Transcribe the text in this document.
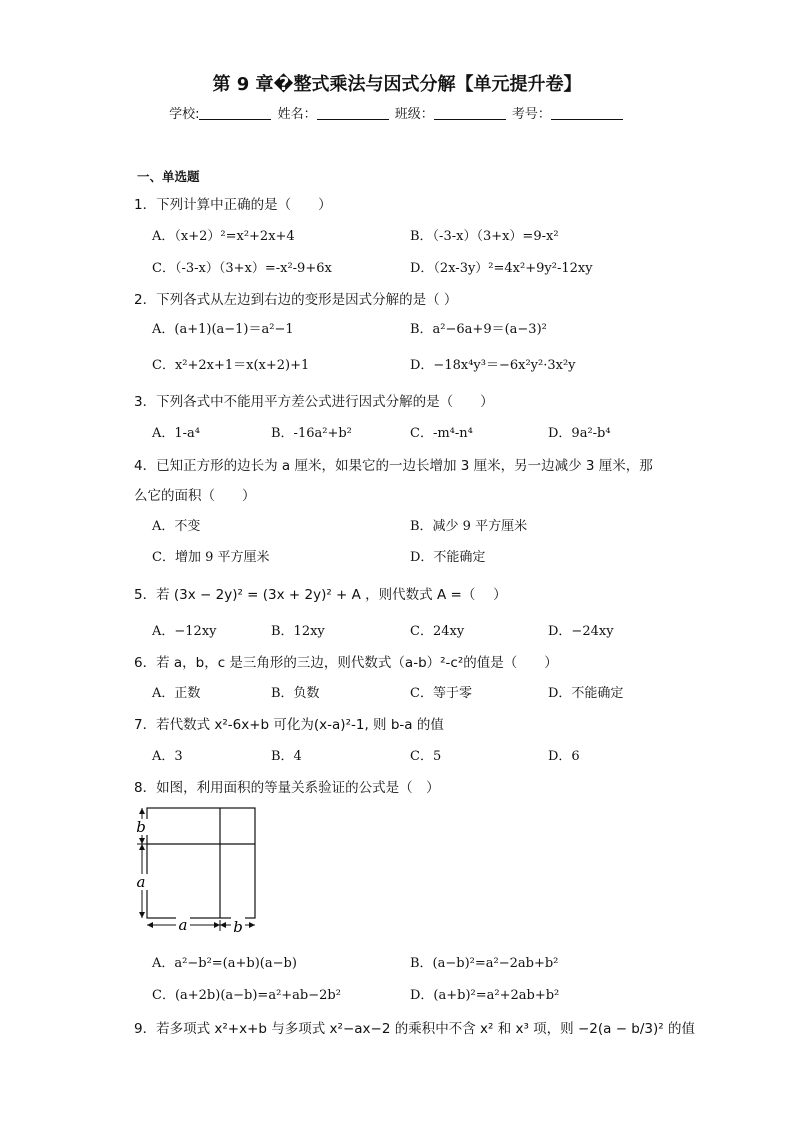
第 9 章�整式乘法与因式分解【单元提升卷】
学校:	姓名：	班级：	考号：
一、单选题
1．下列计算中正确的是（　　）
A．（x+2）²=x²+2x+4	B．（-3-x）（3+x）=9-x²
C．（-3-x）（3+x）=-x²-9+6x	D．（2x-3y）²=4x²+9y²-12xy
2．下列各式从左边到右边的变形是因式分解的是（ ）
A．(a+1)(a−1)＝a²−1	B．a²−6a+9＝(a−3)²
C．x²+2x+1＝x(x+2)+1	D．−18x⁴y³＝−6x²y²·3x²y
3．下列各式中不能用平方差公式进行因式分解的是（　　）
A．1-a⁴	B．-16a²+b²	C．-m⁴-n⁴	D．9a²-b⁴
4．已知正方形的边长为 a 厘米，如果它的一边长增加 3 厘米，另一边减少 3 厘米，那
么它的面积（　　）
A．不变	B．减少 9 平方厘米
C．增加 9 平方厘米	D．不能确定
5．若 (3x − 2y)² = (3x + 2y)² + A ，则代数式 A =（　 ）
A．−12xy	B．12xy	C．24xy	D．−24xy
6．若 a，b，c 是三角形的三边，则代数式（a-b）²-c²的值是（　　）
A．正数	B．负数	C．等于零	D．不能确定
7．若代数式 x²-6x+b 可化为(x-a)²-1, 则 b-a 的值
A．3	B．4	C．5	D．6
8．如图，利用面积的等量关系验证的公式是（　）
b
a
a	b
A．a²−b²=(a+b)(a−b)	B．(a−b)²=a²−2ab+b²
C．(a+2b)(a−b)=a²+ab−2b²	D．(a+b)²=a²+2ab+b²
9．若多项式 x²+x+b 与多项式 x²−ax−2 的乘积中不含 x² 和 x³ 项，则 −2(a − b/3)² 的值
